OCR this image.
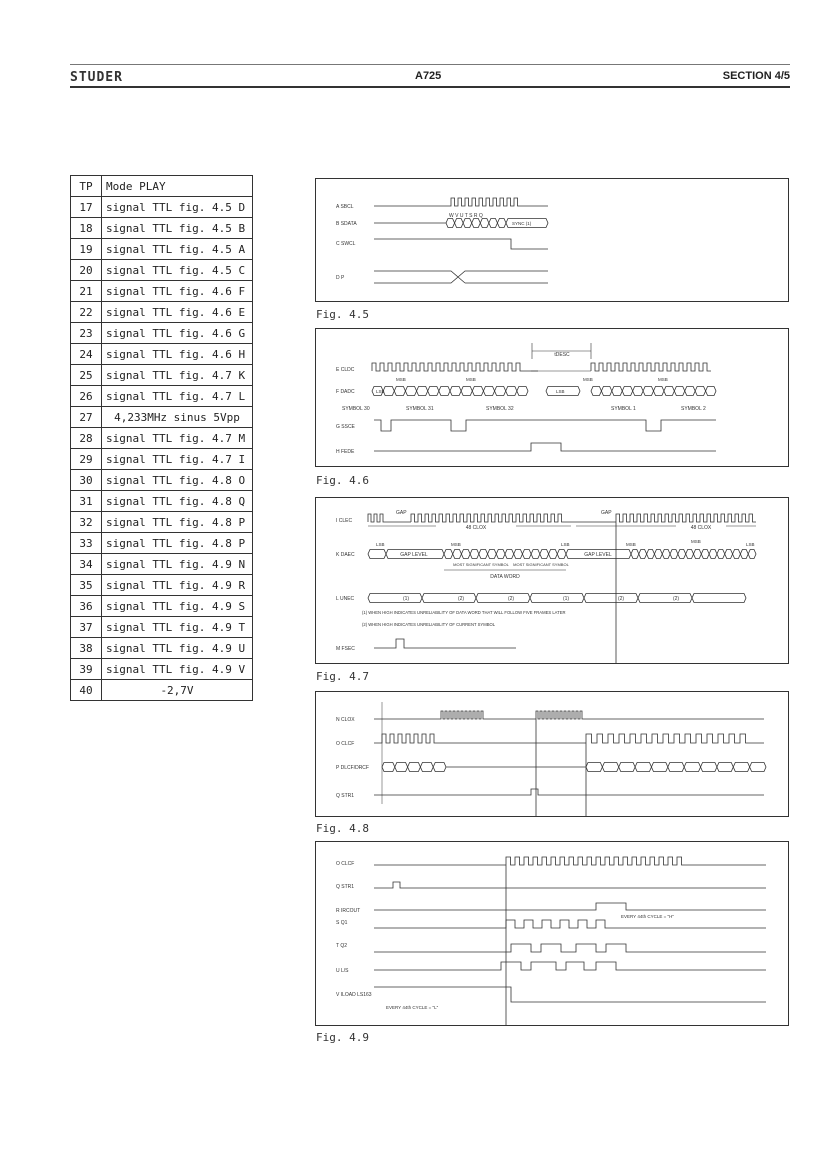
STUDER	A725	SECTION 4/5
TP	Mode PLAY
17	signal TTL fig. 4.5 D
18	signal TTL fig. 4.5 B
19	signal TTL fig. 4.5 A
20	signal TTL fig. 4.5 C
21	signal TTL fig. 4.6 F
22	signal TTL fig. 4.6 E
23	signal TTL fig. 4.6 G
24	signal TTL fig. 4.6 H
25	signal TTL fig. 4.7 K
26	signal TTL fig. 4.7 L
27	4,233MHz sinus 5Vpp
28	signal TTL fig. 4.7 M
29	signal TTL fig. 4.7 I
30	signal TTL fig. 4.8 O
31	signal TTL fig. 4.8 Q
32	signal TTL fig. 4.8 P
33	signal TTL fig. 4.8 P
34	signal TTL fig. 4.9 N
35	signal TTL fig. 4.9 R
36	signal TTL fig. 4.9 S
37	signal TTL fig. 4.9 T
38	signal TTL fig. 4.9 U
39	signal TTL fig. 4.9 V
40	-2,7V
A SBCL
B SDATA
C SWCL
D P
W V U T S R Q
SYNC (1)
Fig. 4.5
E CLDC
F DADC
G SSCE
H FEDE
tDESC
MSB	MSB	MSB	MSB
LSB	LSB
SYMBOL 30	SYMBOL 31	SYMBOL 32	SYMBOL 1	SYMBOL 2
Fig. 4.6
I CLEC
K DAEC
L UNEC
M FSEC
GAP	GAP
48 CLOX	48 CLOX
GAP LEVEL	GAP LEVEL
LSB	LSB	LSB
MSB	MSB
MSB
MOST SIGNIFICANT SYMBOL MOST SIGNIFICANT SYMBOL
DATA WORD
(1)	(2)	(2)	(1)	(2)	(2)
(1) WHEN HIGH INDICATES UNRELIABILITY OF DATA WORD THAT WILL FOLLOW FIVE FRAMES LATER
(2) WHEN HIGH INDICATES UNRELIABILITY OF CURRENT SYMBOL
Fig. 4.7
N CLOX
O CLCF
P DLCF/DRCF
Q STR1
Fig. 4.8
O CLCF
Q STR1
R IRCOUT
S Q1
T Q2
U L/S
V ILOAD LS163
EVERY 44th CYCLE = "H"
EVERY 44th CYCLE = "L"
Fig. 4.9
